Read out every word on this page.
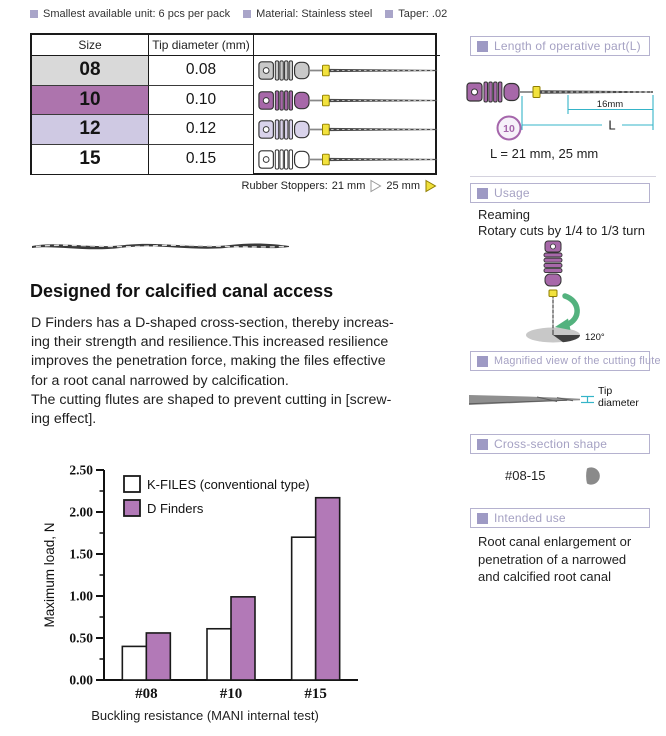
Smallest available unit: 6 pcs per pack Material: Stainless steel Taper: .02
Size	Tip diameter (mm)
08	0.08
10	0.10
12	0.12
15	0.15
Rubber Stoppers: 21 mm 25 mm
Designed for calcified canal access
D Finders has a D-shaped cross-section, thereby increas-
ing their strength and resilience.This increased resilience
improves the penetration force, making the files effective
for a root canal narrowed by calcification.
The cutting flutes are shaped to prevent cutting in [screw-
ing effect].
0.00
0.50
1.00
1.50
2.00
2.50
#08	#10	#15
K-FILES (conventional type)
D Finders
Maximum load, N
Buckling resistance (MANI internal test)
Length of operative part(L)
Usage
Magnified view of the cutting flute
Cross-section shape
Intended use
16mm
L
10
L = 21 mm, 25 mm
Reaming
Rotary cuts by 1/4 to 1/3 turn
120°
Tip
diameter
#08-15
Root canal enlargement or
penetration of a narrowed
and calcified root canal
